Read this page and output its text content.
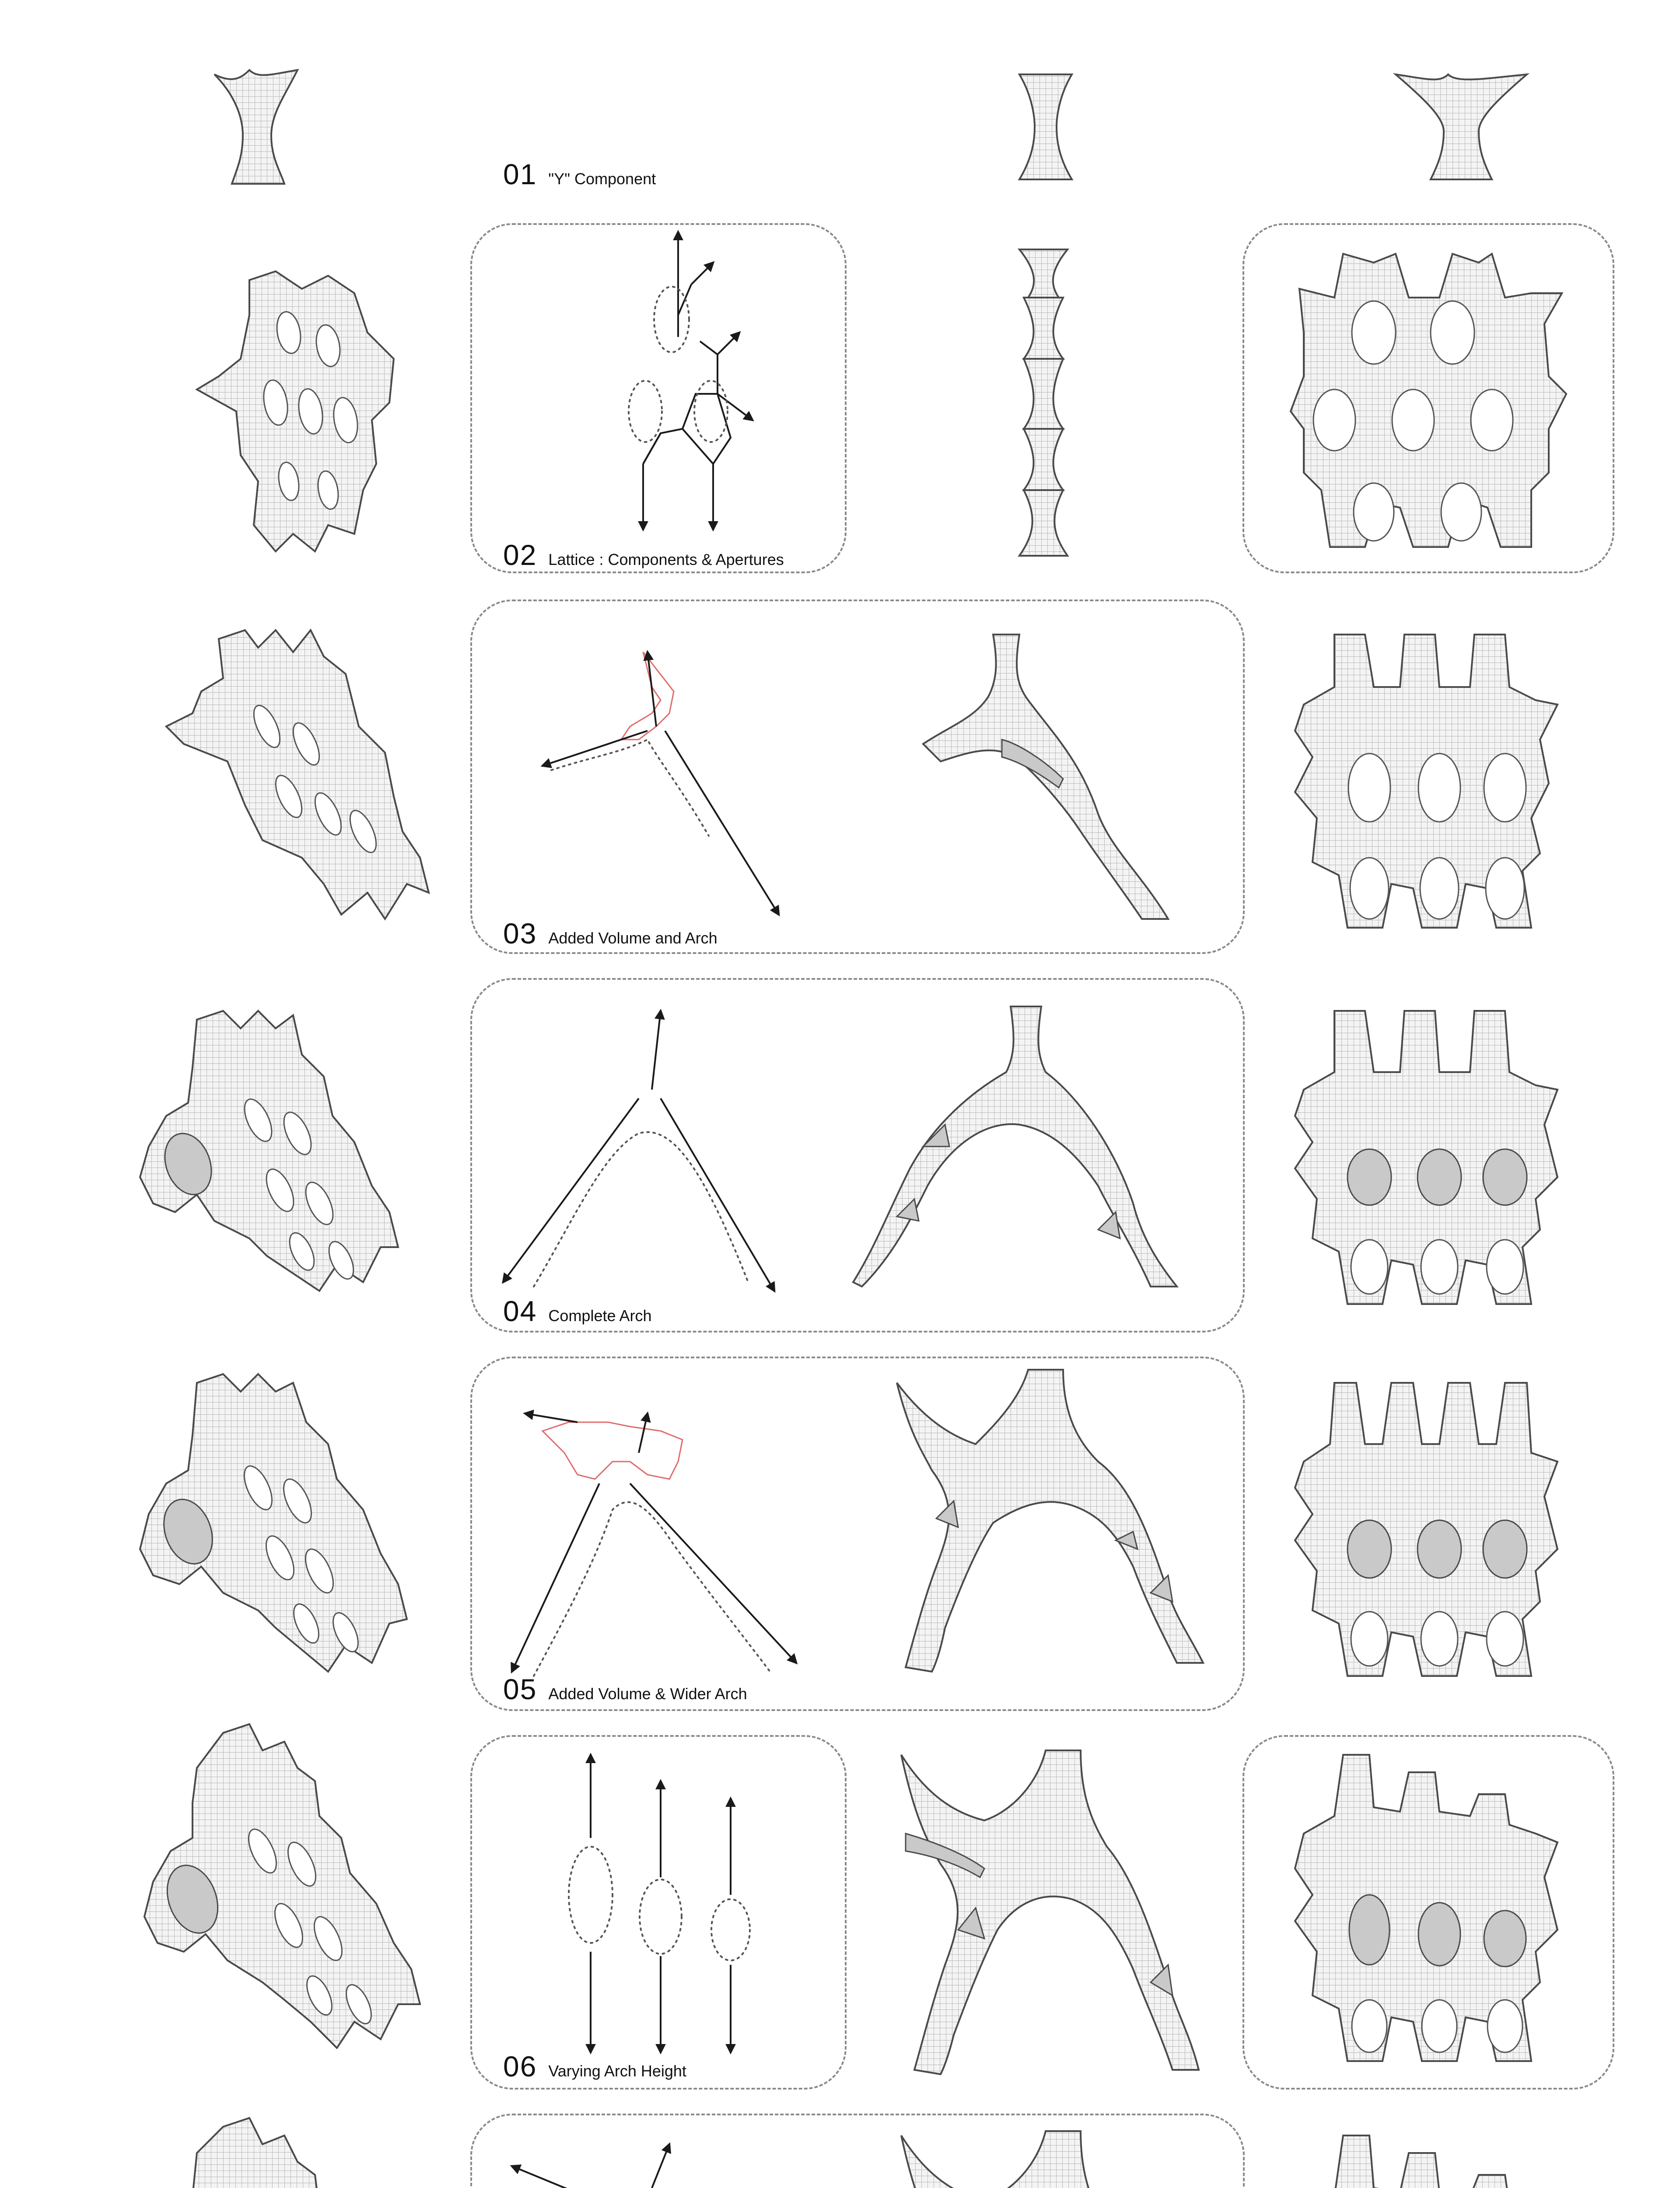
01 "Y" Component
02 Lattice : Components & Apertures
03 Added Volume and Arch
04 Complete Arch
05 Added Volume & Wider Arch
06 Varying Arch Height
